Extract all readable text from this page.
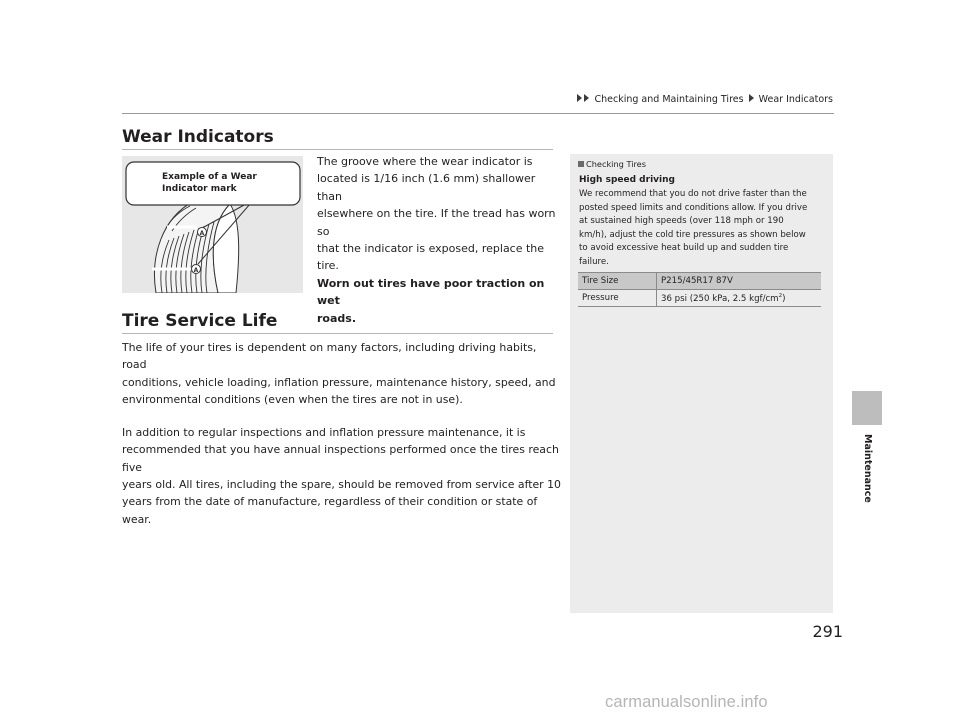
Checking and Maintaining Tires Wear Indicators
Wear Indicators
A
A
Example of a Wear
Indicator mark
The groove where the wear indicator is
located is 1/16 inch (1.6 mm) shallower than
elsewhere on the tire. If the tread has worn so
that the indicator is exposed, replace the tire.
Worn out tires have poor traction on wet
roads.
Tire Service Life
The life of your tires is dependent on many factors, including driving habits, road
conditions, vehicle loading, inflation pressure, maintenance history, speed, and
environmental conditions (even when the tires are not in use).
In addition to regular inspections and inflation pressure maintenance, it is
recommended that you have annual inspections performed once the tires reach five
years old. All tires, including the spare, should be removed from service after 10
years from the date of manufacture, regardless of their condition or state of wear.
Checking Tires
High speed driving
We recommend that you do not drive faster than the
posted speed limits and conditions allow. If you drive
at sustained high speeds (over 118 mph or 190
km/h), adjust the cold tire pressures as shown below
to avoid excessive heat build up and sudden tire
failure.
Tire Size	P215/45R17 87V
Pressure	36 psi (250 kPa, 2.5 kgf/$cm^2$)
Maintenance
291
carmanualsonline.info
